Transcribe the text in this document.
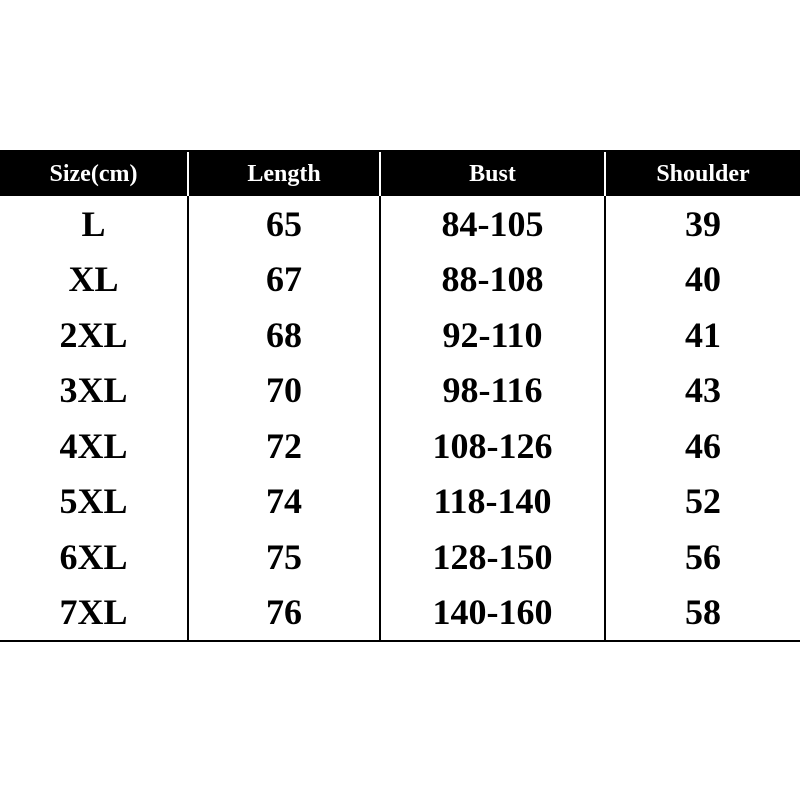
Size(cm)	Length	Bust	Shoulder
L	65	84-105	39
XL	67	88-108	40
2XL	68	92-110	41
3XL	70	98-116	43
4XL	72	108-126	46
5XL	74	118-140	52
6XL	75	128-150	56
7XL	76	140-160	58
